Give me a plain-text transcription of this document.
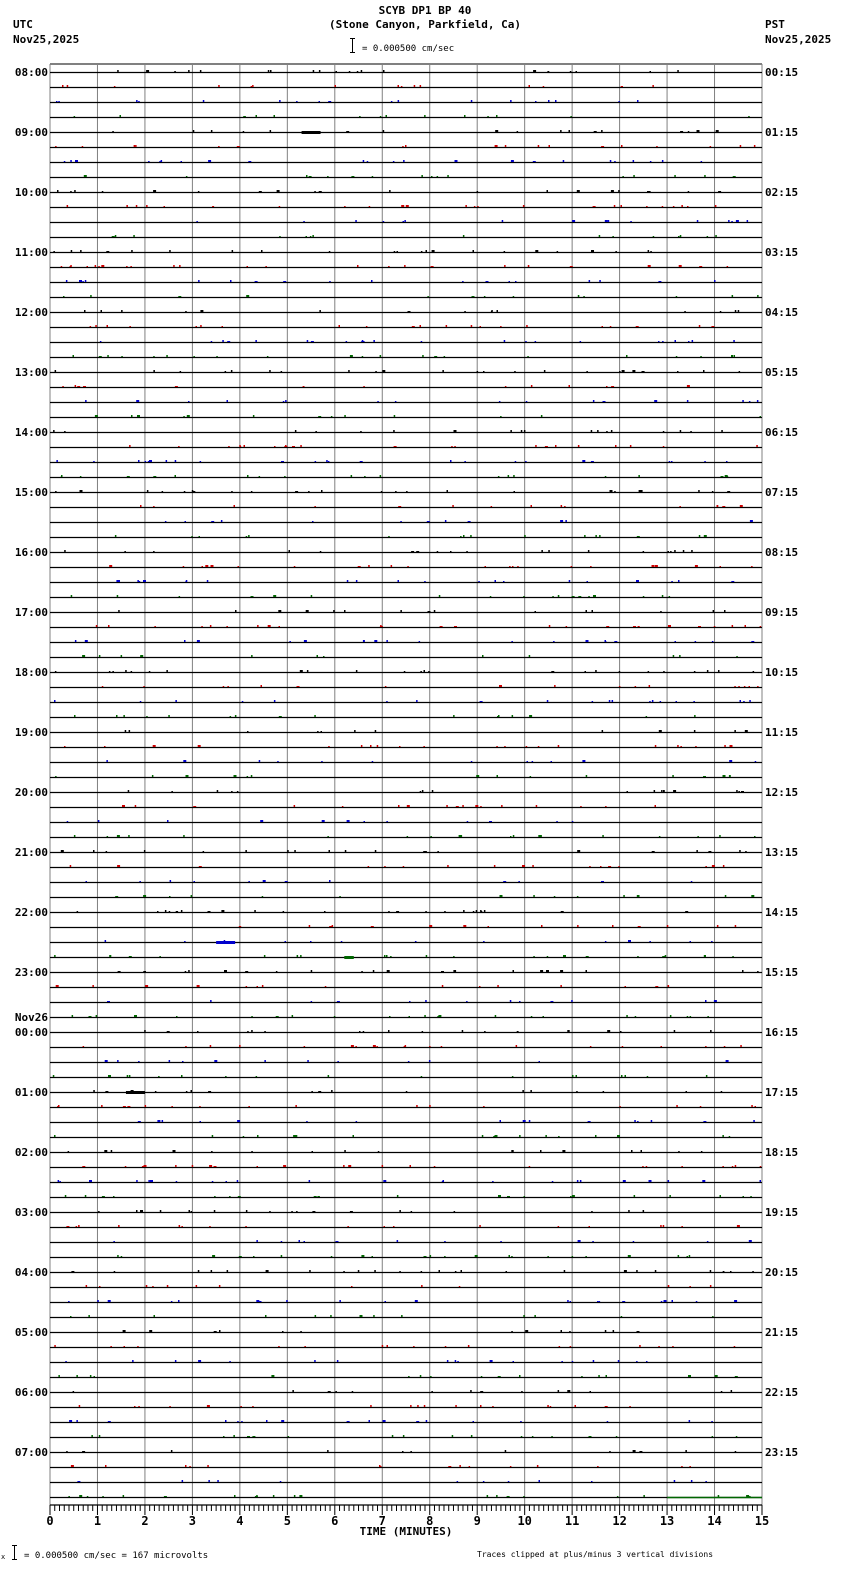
SCYB DP1 BP 40
(Stone Canyon, Parkfield, Ca)
UTC
Nov25,2025
PST
Nov25,2025
= 0.000500 cm/sec
08:00
09:00
10:00
11:00
12:00
13:00
14:00
15:00
16:00
17:00
18:00
19:00
20:00
21:00
22:00
23:00
Nov26
00:00
01:00
02:00
03:00
04:00
05:00
06:00
07:00
00:15
01:15
02:15
03:15
04:15
05:15
06:15
07:15
08:15
09:15
10:15
11:15
12:15
13:15
14:15
15:15
16:15
17:15
18:15
19:15
20:15
21:15
22:15
23:15
0	1	2	3	4	5	6	7	8	9	10	11	12	13	14	15
TIME (MINUTES)
x = 0.000500 cm/sec = 167 microvolts	Traces clipped at plus/minus 3 vertical divisions
